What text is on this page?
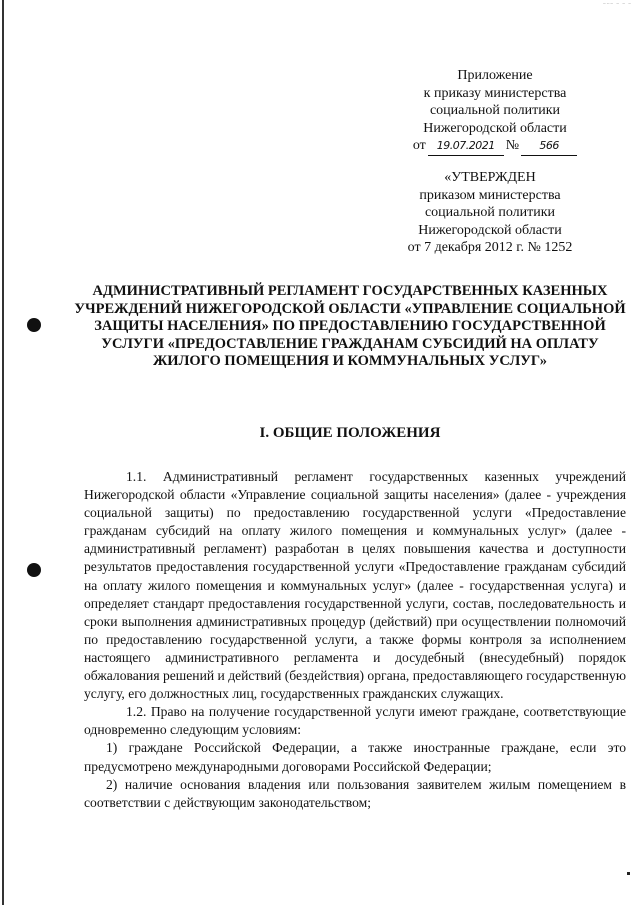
~~~ ~ ~ ~
Приложение
к приказу министерства
социальной политики
Нижегородской области
от	19.07.2021 №	566
«УТВЕРЖДЕН
приказом министерства
социальной политики
Нижегородской области
от 7 декабря 2012 г. № 1252
АДМИНИСТРАТИВНЫЙ РЕГЛАМЕНТ ГОСУДАРСТВЕННЫХ КАЗЕННЫХ УЧРЕЖДЕНИЙ НИЖЕГОРОДСКОЙ ОБЛАСТИ «УПРАВЛЕНИЕ СОЦИАЛЬНОЙ ЗАЩИТЫ НАСЕЛЕНИЯ» ПО ПРЕДОСТАВЛЕНИЮ ГОСУДАРСТВЕННОЙ УСЛУГИ «ПРЕДОСТАВЛЕНИЕ ГРАЖДАНАМ СУБСИДИЙ НА ОПЛАТУ ЖИЛОГО ПОМЕЩЕНИЯ И КОММУНАЛЬНЫХ УСЛУГ»
I. ОБЩИЕ ПОЛОЖЕНИЯ

1.1. Административный регламент государственных казенных учреждений Нижегородской области «Управление социальной защиты населения» (далее - учреждения социальной защиты) по предоставлению государственной услуги «Предоставление гражданам субсидий на оплату жилого помещения и коммунальных услуг» (далее - административный регламент) разработан в целях повышения качества и доступности результатов предоставления государственной услуги «Предоставление гражданам субсидий на оплату жилого помещения и коммунальных услуг» (далее - государственная услуга) и определяет стандарт предоставления государственной услуги, состав, последовательность и сроки выполнения административных процедур (действий) при осуществлении полномочий по предоставлению государственной услуги, а также формы контроля за исполнением настоящего административного регламента и досудебный (внесудебный) порядок обжалования решений и действий (бездействия) органа, предоставляющего государственную услугу, его должностных лиц, государственных гражданских служащих.

1.2. Право на получение государственной услуги имеют граждане, соответствующие одновременно следующим условиям:

1) граждане Российской Федерации, а также иностранные граждане, если это предусмотрено международными договорами Российской Федерации;

2) наличие основания владения или пользования заявителем жилым помещением в соответствии с действующим законодательством;
